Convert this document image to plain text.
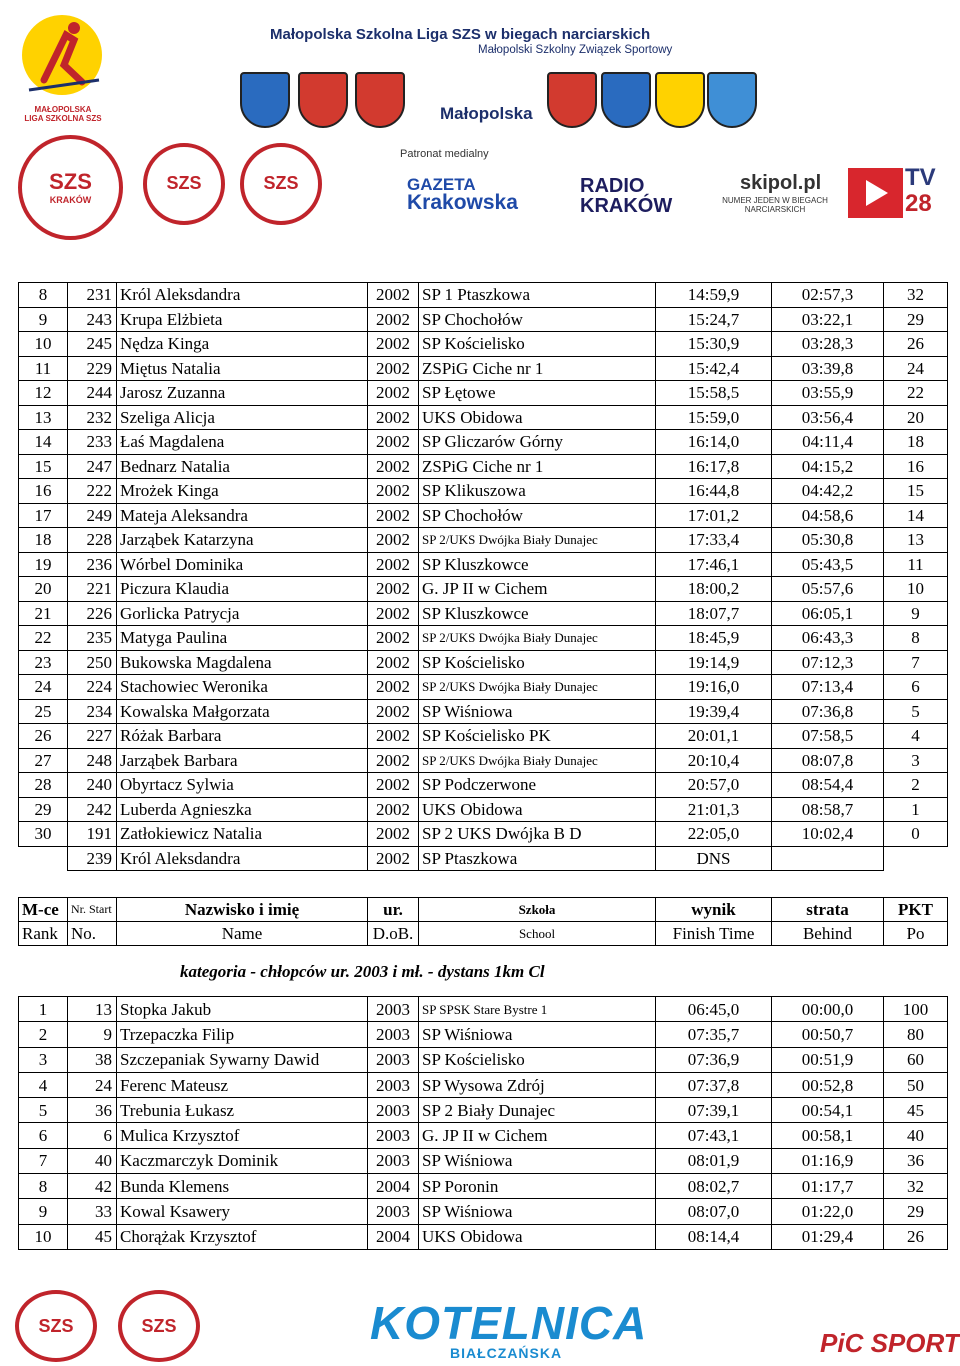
MAŁOPOLSKA
LIGA SZKOLNA SZS
Małopolska Szkolna Liga SZS w biegach narciarskich
Małopolski Szkolny Związek Sportowy
Małopolska
SZS
KRAKÓW
SZS	SZS
Patronat medialny
GAZETA
Krakowska
RADIO
KRAKÓW
skipol.pl
NUMER JEDEN W BIEGACH NARCIARSKICH
TV
28
8	231	Król Aleksdandra	2002	SP 1 Ptaszkowa	14:59,9	02:57,3	32
9	243	Krupa Elżbieta	2002	SP Chochołów	15:24,7	03:22,1	29
10	245	Nędza Kinga	2002	SP Kościelisko	15:30,9	03:28,3	26
11	229	Miętus Natalia	2002	ZSPiG Ciche nr 1	15:42,4	03:39,8	24
12	244	Jarosz Zuzanna	2002	SP Łętowe	15:58,5	03:55,9	22
13	232	Szeliga Alicja	2002	UKS Obidowa	15:59,0	03:56,4	20
14	233	Łaś Magdalena	2002	SP Gliczarów Górny	16:14,0	04:11,4	18
15	247	Bednarz Natalia	2002	ZSPiG Ciche nr 1	16:17,8	04:15,2	16
16	222	Mrożek Kinga	2002	SP Klikuszowa	16:44,8	04:42,2	15
17	249	Mateja Aleksandra	2002	SP Chochołów	17:01,2	04:58,6	14
18	228	Jarząbek Katarzyna	2002	SP 2/UKS Dwójka Biały Dunajec	17:33,4	05:30,8	13
19	236	Wórbel Dominika	2002	SP Kluszkowce	17:46,1	05:43,5	11
20	221	Piczura Klaudia	2002	G. JP II w Cichem	18:00,2	05:57,6	10
21	226	Gorlicka Patrycja	2002	SP Kluszkowce	18:07,7	06:05,1	9
22	235	Matyga Paulina	2002	SP 2/UKS Dwójka Biały Dunajec	18:45,9	06:43,3	8
23	250	Bukowska Magdalena	2002	SP Kościelisko	19:14,9	07:12,3	7
24	224	Stachowiec Weronika	2002	SP 2/UKS Dwójka Biały Dunajec	19:16,0	07:13,4	6
25	234	Kowalska Małgorzata	2002	SP Wiśniowa	19:39,4	07:36,8	5
26	227	Różak Barbara	2002	SP Kościelisko PK	20:01,1	07:58,5	4
27	248	Jarząbek Barbara	2002	SP 2/UKS Dwójka Biały Dunajec	20:10,4	08:07,8	3
28	240	Obyrtacz Sylwia	2002	SP Podczerwone	20:57,0	08:54,4	2
29	242	Luberda Agnieszka	2002	UKS Obidowa	21:01,3	08:58,7	1
30	191	Zatłokiewicz Natalia	2002	SP 2 UKS Dwójka B D	22:05,0	10:02,4	0
	239	Król Aleksdandra	2002	SP Ptaszkowa	DNS		
M-ce	Nr. Start	Nazwisko i imię	ur.	Szkoła	wynik	strata	PKT
Rank	No.	Name	D.oB.	School	Finish Time	Behind	Po
kategoria - chłopców ur. 2003 i mł. - dystans 1km Cl
1	13	Stopka Jakub	2003	SP SPSK Stare Bystre 1	06:45,0	00:00,0	100
2	9	Trzepaczka Filip	2003	SP Wiśniowa	07:35,7	00:50,7	80
3	38	Szczepaniak Sywarny Dawid	2003	SP Kościelisko	07:36,9	00:51,9	60
4	24	Ferenc Mateusz	2003	SP Wysowa Zdrój	07:37,8	00:52,8	50
5	36	Trebunia Łukasz	2003	SP 2 Biały Dunajec	07:39,1	00:54,1	45
6	6	Mulica Krzysztof	2003	G. JP II w Cichem	07:43,1	00:58,1	40
7	40	Kaczmarczyk Dominik	2003	SP Wiśniowa	08:01,9	01:16,9	36
8	42	Bunda Klemens	2004	SP Poronin	08:02,7	01:17,7	32
9	33	Kowal Ksawery	2003	SP Wiśniowa	08:07,0	01:22,0	29
10	45	Chorążak Krzysztof	2004	UKS Obidowa	08:14,4	01:29,4	26
SZS	SZS	KOTELNICA
BIAŁCZAŃSKA	PiC SPORT
